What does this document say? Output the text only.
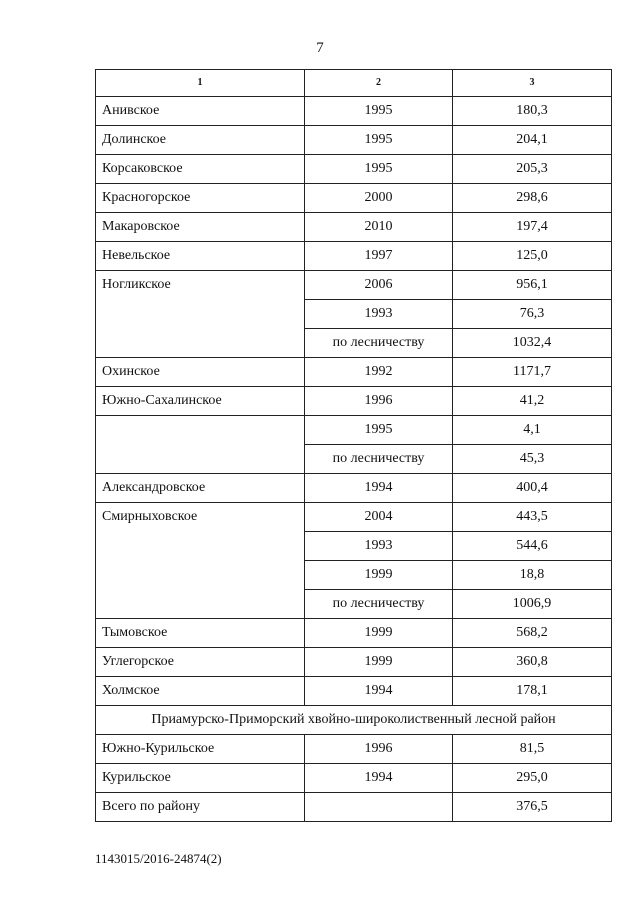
7
1	2	3
Анивское	1995	180,3
Долинское	1995	204,1
Корсаковское	1995	205,3
Красногорское	2000	298,6
Макаровское	2010	197,4
Невельское	1997	125,0
Ногликское	2006	956,1
	1993	76,3
	по лесничеству	1032,4
Охинское	1992	1171,7
Южно-Сахалинское	1996	41,2
	1995	4,1
	по лесничеству	45,3
Александровское	1994	400,4
Смирныховское	2004	443,5
	1993	544,6
	1999	18,8
	по лесничеству	1006,9
Тымовское	1999	568,2
Углегорское	1999	360,8
Холмское	1994	178,1
Приамурско-Приморский хвойно-широколиственный лесной район		
Южно-Курильское	1996	81,5
Курильское	1994	295,0
Всего по району		376,5
1143015/2016-24874(2)
